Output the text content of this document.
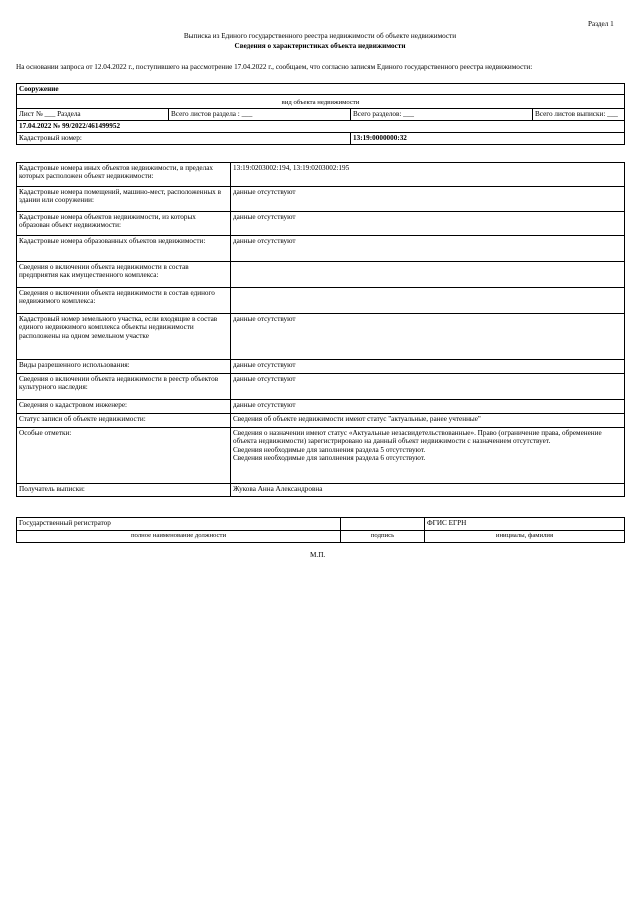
Раздел 1
Выписка из Единого государственного реестра недвижимости об объекте недвижимости
Сведения о характеристиках объекта недвижимости
На основании запроса от 12.04.2022 г., поступившего на рассмотрение 17.04.2022 г., сообщаем, что согласно записям Единого государственного реестра недвижимости:
Сооружение			
вид объекта недвижимости			
Лист № ___ Раздела	Всего листов раздела : ___	Всего разделов: ___	Всего листов выписки: ___
17.04.2022 № 99/2022/461499952			
Кадастровый номер:		13:19:0000000:32	
Кадастровые номера иных объектов недвижимости, в пределах которых расположен объект недвижимости:	13:19:0203002:194, 13:19:0203002:195
Кадастровые номера помещений, машино-мест, расположенных в здании или сооружении:	данные отсутствуют
Кадастровые номера объектов недвижимости, из которых образован объект недвижимости:	данные отсутствуют
Кадастровые номера образованных объектов недвижимости:	данные отсутствуют
Сведения о включении объекта недвижимости в состав предприятия как имущественного комплекса:	
Сведения о включении объекта недвижимости в состав единого недвижимого комплекса:	
Кадастровый номер земельного участка, если входящие в состав единого недвижимого комплекса объекты недвижимости расположены на одном земельном участке	данные отсутствуют
Виды разрешенного использования:	данные отсутствуют
Сведения о включении объекта недвижимости в реестр объектов культурного наследия:	данные отсутствуют
Сведения о кадастровом инженере:	данные отсутствуют
Статус записи об объекте недвижимости:	Сведения об объекте недвижимости имеют статус "актуальные, ранее учтенные"
Особые отметки:	Сведения о назначении имеют статус «Актуальные незасвидетельствованные». Право (ограничение права, обременение объекта недвижимости) зарегистрировано на данный объект недвижимости с назначением отсутствует.
Сведения необходимые для заполнения раздела 5 отсутствуют.
Сведения необходимые для заполнения раздела 6 отсутствуют.
Получатель выписки:	Жукова Анна Александровна
Государственный регистратор		ФГИС ЕГРН
полное наименование должности	подпись	инициалы, фамилия
М.П.
